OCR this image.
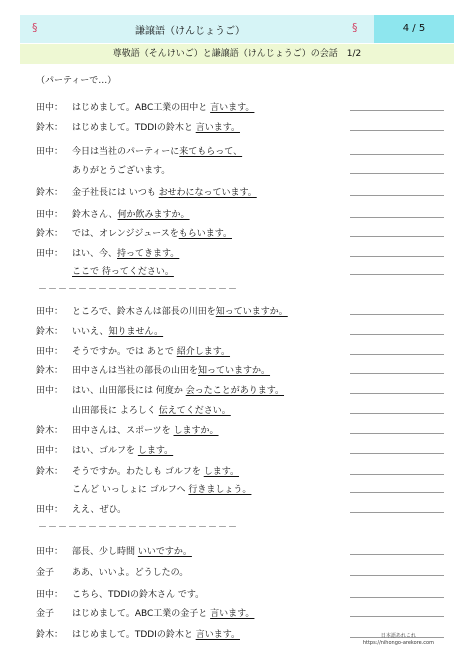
§	謙譲語（けんじょうご）	§	4 / 5
尊敬語（そんけいご）と謙譲語（けんじょうご）の会話　1/2
（パーティーで…）
田中： はじめまして。ABC工業の田中と 言います。
鈴木： はじめまして。TDDIの鈴木と 言います。
田中： 今日は当社のパーティーに来てもらって、
ありがとうございます。
鈴木： 金子社長には いつも おせわになっています。
田中： 鈴木さん、何か飲みますか。
鈴木： では、オレンジジュースをもらいます。
田中： はい、今、持ってきます。
ここで 待ってください。
田中： ところで、鈴木さんは部長の川田を知っていますか。
鈴木： いいえ、知りません。
田中： そうですか。では あとで 紹介します。
鈴木： 田中さんは当社の部長の山田を知っていますか。
田中： はい、山田部長には 何度か 会ったことがあります。
山田部長に よろしく 伝えてください。
鈴木： 田中さんは、スポーツを しますか。
田中： はい、ゴルフを します。
鈴木： そうですか。わたしも ゴルフを します。
こんど いっしょに ゴルフへ 行きましょう。
田中： ええ、ぜひ。
田中： 部長、少し時間 いいですか。
金子	ああ、いいよ。どうしたの。
田中： こちら、TDDIの鈴木さん です。
金子	はじめまして。ABC工業の金子と 言います。
鈴木： はじめまして。TDDIの鈴木と 言います。
－－－－－－－－－－－－－－－－－－－－
－－－－－－－－－－－－－－－－－－－－
日本語あれこれ
https://nihongo-arekore.com
